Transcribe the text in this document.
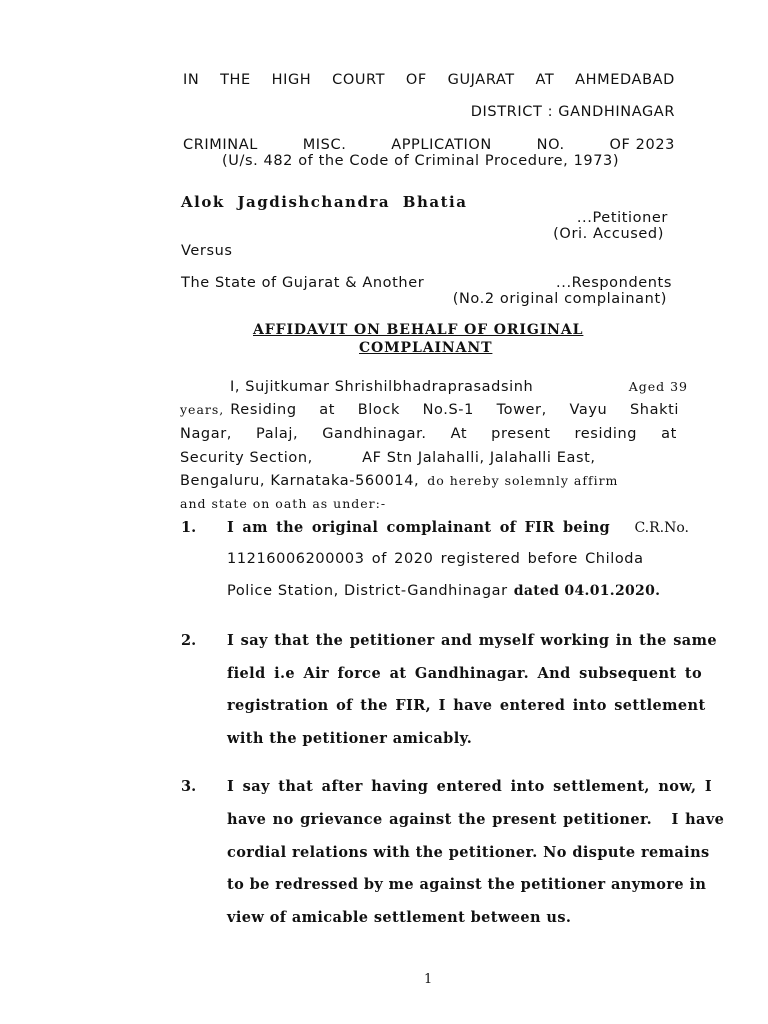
IN THE HIGH COURT OF GUJARAT AT AHMEDABAD
DISTRICT : GANDHINAGAR
CRIMINAL	MISC.	APPLICATION	NO.	OF 2023
(U/s. 482 of the Code of Criminal Procedure, 1973)
Alok Jagdishchandra Bhatia
...Petitioner
(Ori. Accused)
Versus
The State of Gujarat & Another	...Respondents
(No.2 original complainant)
AFFIDAVIT ON BEHALF OF ORIGINAL
COMPLAINANT
I, Sujitkumar Shrishilbhadraprasadsinh	Aged 39
years, Residing at Block No.S-1 Tower, Vayu Shakti
Nagar, Palaj, Gandhinagar. At present residing at
Security Section,	AF Stn Jalahalli, Jalahalli East,
Bengaluru, Karnataka-560014, do hereby solemnly affirm
and state on oath as under:-
1. I am the original complainant of FIR being C.R.No.
11216006200003 of 2020 registered before Chiloda
Police Station, District-Gandhinagar dated 04.01.2020.
2. I say that the petitioner and myself working in the same
field i.e Air force at Gandhinagar. And subsequent to
registration of the FIR, I have entered into settlement
with the petitioner amicably.
3. I say that after having entered into settlement, now, I
have no grievance against the present petitioner.   I have
cordial relations with the petitioner. No dispute remains
to be redressed by me against the petitioner anymore in
view of amicable settlement between us.
1
